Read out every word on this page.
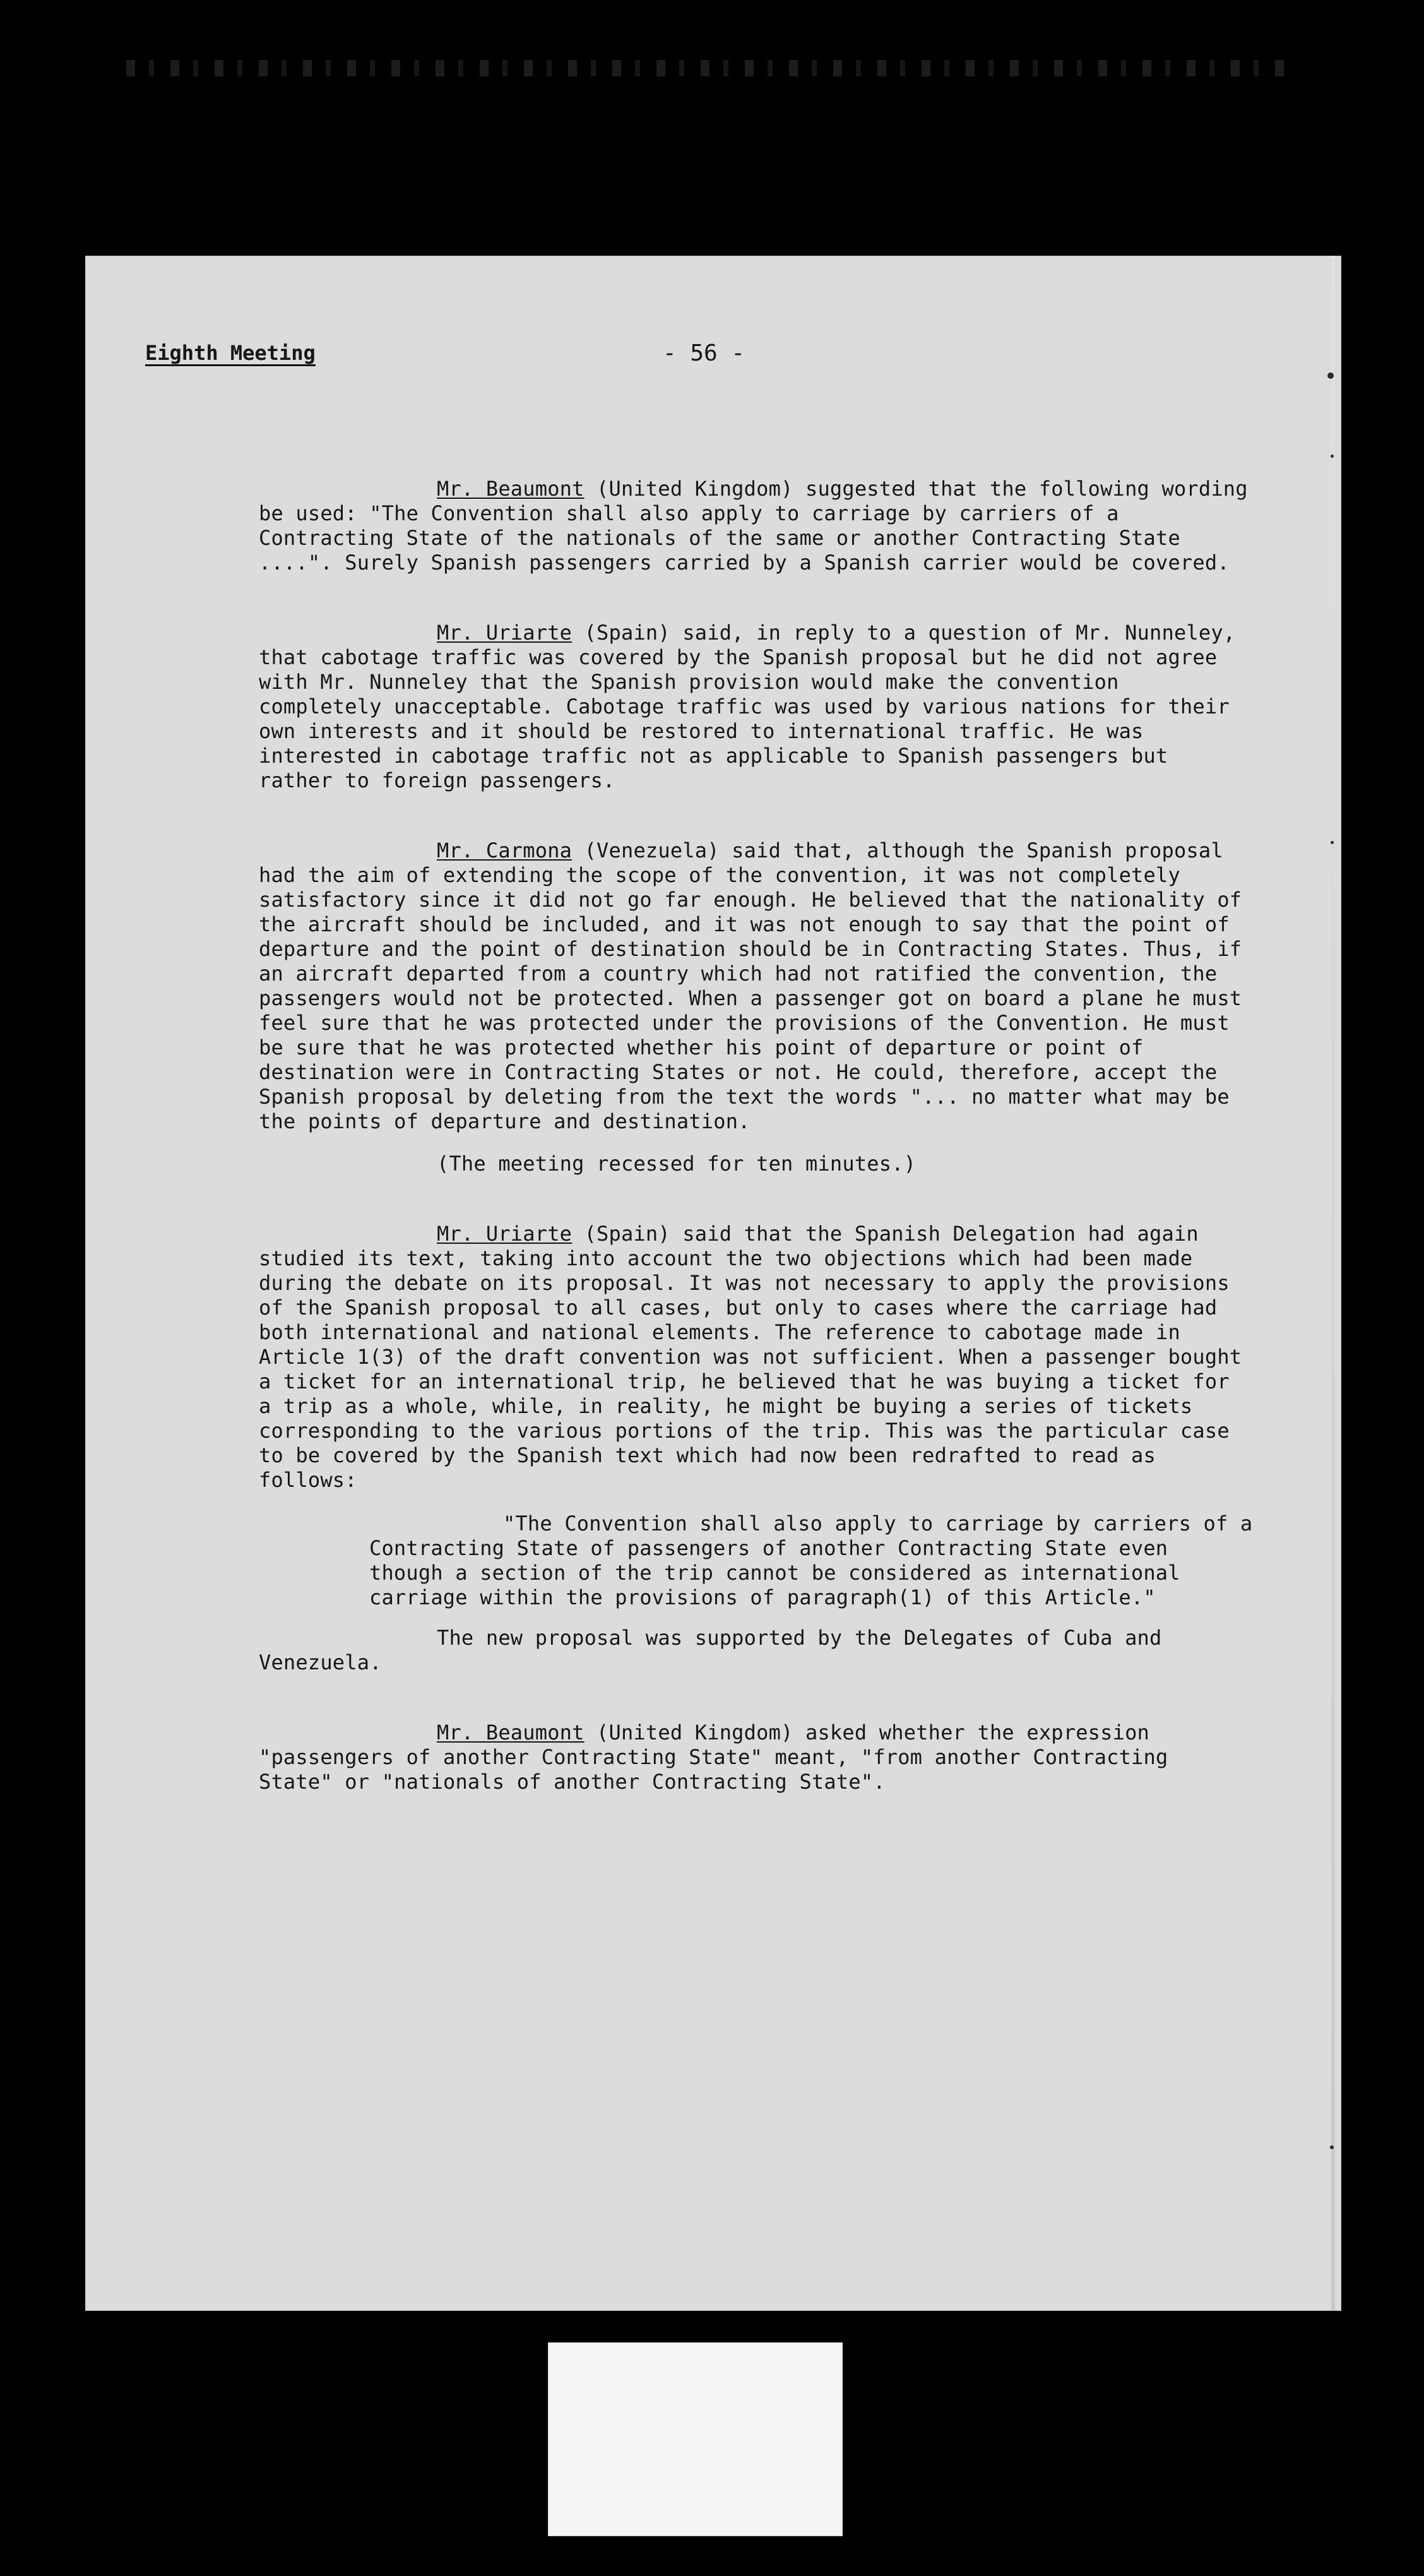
Eighth Meeting	- 56 -

Mr. Beaumont (United Kingdom) suggested that the following wording be used: "The Convention shall also apply to carriage by carriers of a Contracting State of the nationals of the same or another Contracting State ....". Surely Spanish passengers carried by a Spanish carrier would be covered.

Mr. Uriarte (Spain) said, in reply to a question of Mr. Nunneley, that cabotage traffic was covered by the Spanish proposal but he did not agree with Mr. Nunneley that the Spanish provision would make the convention completely unacceptable. Cabotage traffic was used by various nations for their own interests and it should be restored to international traffic. He was interested in cabotage traffic not as applicable to Spanish passengers but rather to foreign passengers.

Mr. Carmona (Venezuela) said that, although the Spanish proposal had the aim of extending the scope of the convention, it was not completely satisfactory since it did not go far enough. He believed that the nationality of the aircraft should be included, and it was not enough to say that the point of departure and the point of destination should be in Contracting States. Thus, if an aircraft departed from a country which had not ratified the convention, the passengers would not be protected. When a passenger got on board a plane he must feel sure that he was protected under the provisions of the Convention. He must be sure that he was protected whether his point of departure or point of destination were in Contracting States or not. He could, therefore, accept the Spanish proposal by deleting from the text the words "... no matter what may be the points of departure and destination.

(The meeting recessed for ten minutes.)

Mr. Uriarte (Spain) said that the Spanish Delegation had again studied its text, taking into account the two objections which had been made during the debate on its proposal. It was not necessary to apply the provisions of the Spanish proposal to all cases, but only to cases where the carriage had both international and national elements. The reference to cabotage made in Article 1(3) of the draft convention was not sufficient. When a passenger bought a ticket for an international trip, he believed that he was buying a ticket for a trip as a whole, while, in reality, he might be buying a series of tickets corresponding to the various portions of the trip. This was the particular case to be covered by the Spanish text which had now been redrafted to read as follows:

"The Convention shall also apply to carriage by carriers of a Contracting State of passengers of another Contracting State even though a section of the trip cannot be considered as international carriage within the provisions of paragraph(1) of this Article."

The new proposal was supported by the Delegates of Cuba and Venezuela.

Mr. Beaumont (United Kingdom) asked whether the expression "passengers of another Contracting State" meant, "from another Contracting State" or "nationals of another Contracting State".
